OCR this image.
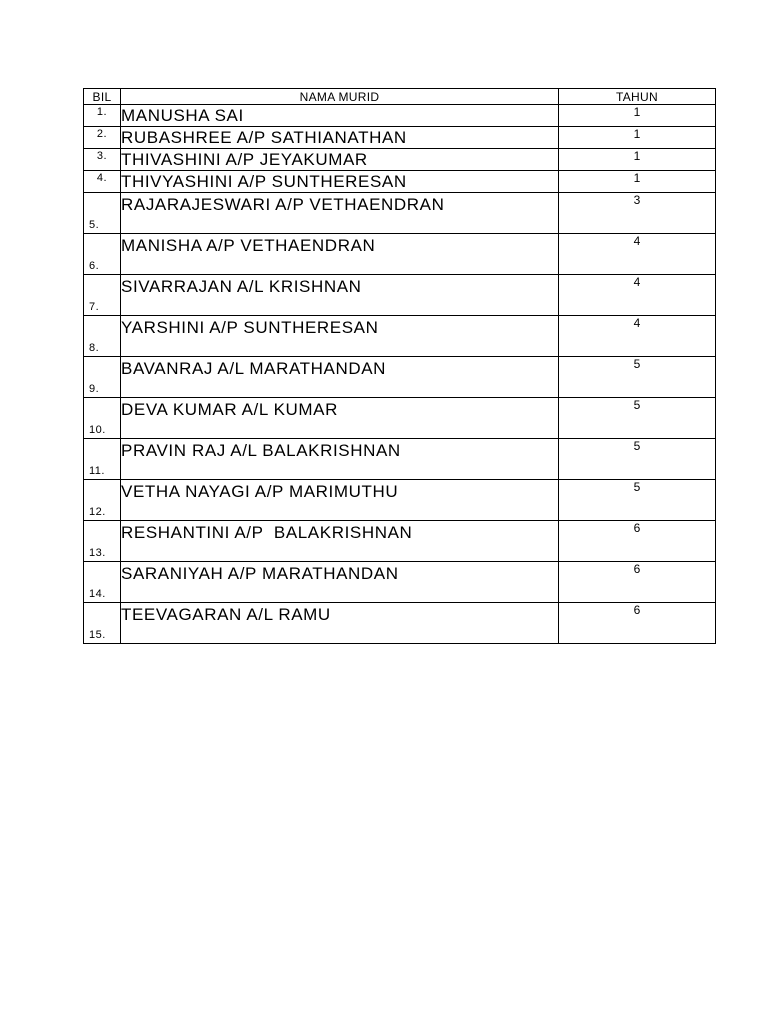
BIL	NAMA MURID	TAHUN
1.	MANUSHA SAI	1
2.	RUBASHREE A/P SATHIANATHAN	1
3.	THIVASHINI A/P JEYAKUMAR	1
4.	THIVYASHINI A/P SUNTHERESAN	1
5.	RAJARAJESWARI A/P VETHAENDRAN	3
6.	MANISHA A/P VETHAENDRAN	4
7.	SIVARRAJAN A/L KRISHNAN	4
8.	YARSHINI A/P SUNTHERESAN	4
9.	BAVANRAJ A/L MARATHANDAN	5
10.	DEVA KUMAR A/L KUMAR	5
11.	PRAVIN RAJ A/L BALAKRISHNAN	5
12.	VETHA NAYAGI A/P MARIMUTHU	5
13.	RESHANTINI A/P  BALAKRISHNAN	6
14.	SARANIYAH A/P MARATHANDAN	6
15.	TEEVAGARAN A/L RAMU	6
